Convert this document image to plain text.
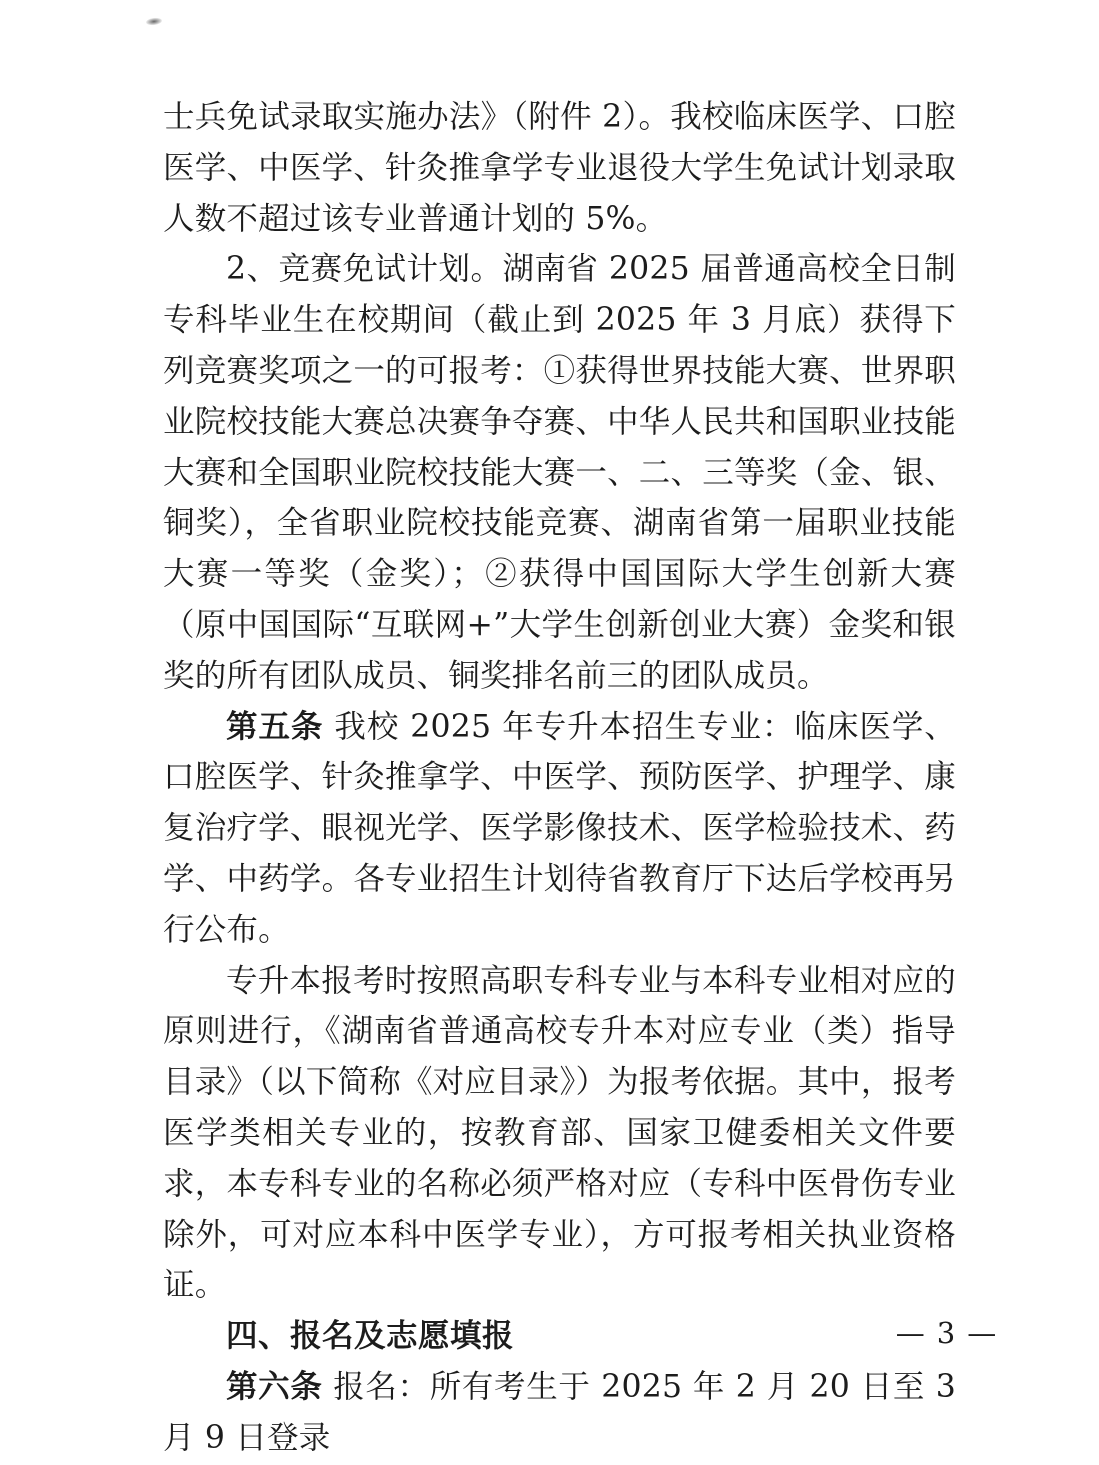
士兵免试录取实施办法》（附件 2）。我校临床医学、口腔医学、中医学、针灸推拿学专业退役大学生免试计划录取人数不超过该专业普通计划的 5%。

2、竞赛免试计划。湖南省 2025 届普通高校全日制专科毕业生在校期间（截止到 2025 年 3 月底）获得下列竞赛奖项之一的可报考：①获得世界技能大赛、世界职业院校技能大赛总决赛争夺赛、中华人民共和国职业技能大赛和全国职业院校技能大赛一、二、三等奖（金、银、铜奖），全省职业院校技能竞赛、湖南省第一届职业技能大赛一等奖（金奖）；②获得中国国际大学生创新大赛（原中国国际“互联网+”大学生创新创业大赛）金奖和银奖的所有团队成员、铜奖排名前三的团队成员。

第五条 我校 2025 年专升本招生专业：临床医学、口腔医学、针灸推拿学、中医学、预防医学、护理学、康复治疗学、眼视光学、医学影像技术、医学检验技术、药学、中药学。各专业招生计划待省教育厅下达后学校再另行公布。

专升本报考时按照高职专科专业与本科专业相对应的原则进行，《湖南省普通高校专升本对应专业（类）指导目录》（以下简称《对应目录》）为报考依据。其中，报考医学类相关专业的，按教育部、国家卫健委相关文件要求，本专科专业的名称必须严格对应（专科中医骨伤专业除外，可对应本科中医学专业），方可报考相关执业资格证。

四、报名及志愿填报

第六条 报名：所有考生于 2025 年 2 月 20 日至 3 月 9 日登录

— 3 —
